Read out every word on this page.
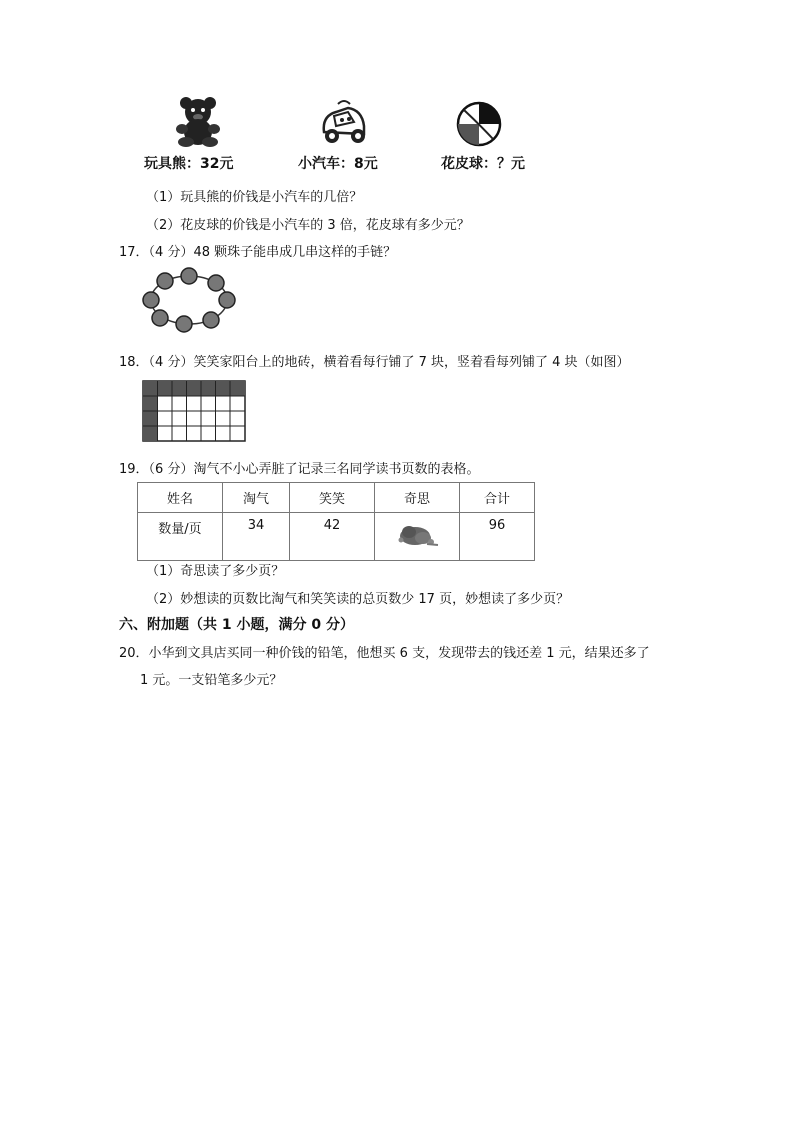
玩具熊：32元	小汽车：8元	花皮球：？元
（1）玩具熊的价钱是小汽车的几倍？
（2）花皮球的价钱是小汽车的 3 倍，花皮球有多少元？
17．（4 分）48 颗珠子能串成几串这样的手链？
18．（4 分）笑笑家阳台上的地砖，横着看每行铺了 7 块，竖着看每列铺了 4 块（如图）
19．（6 分）淘气不小心弄脏了记录三名同学读书页数的表格。
姓名	淘气	笑笑	奇思	合计
数量/页	34	42		96
（1）奇思读了多少页？
（2）妙想读的页数比淘气和笑笑读的总页数少 17 页，妙想读了多少页？
六、附加题（共 1 小题，满分 0 分）
20．小华到文具店买同一种价钱的铅笔，他想买 6 支，发现带去的钱还差 1 元，结果还多了
1 元。一支铅笔多少元？
